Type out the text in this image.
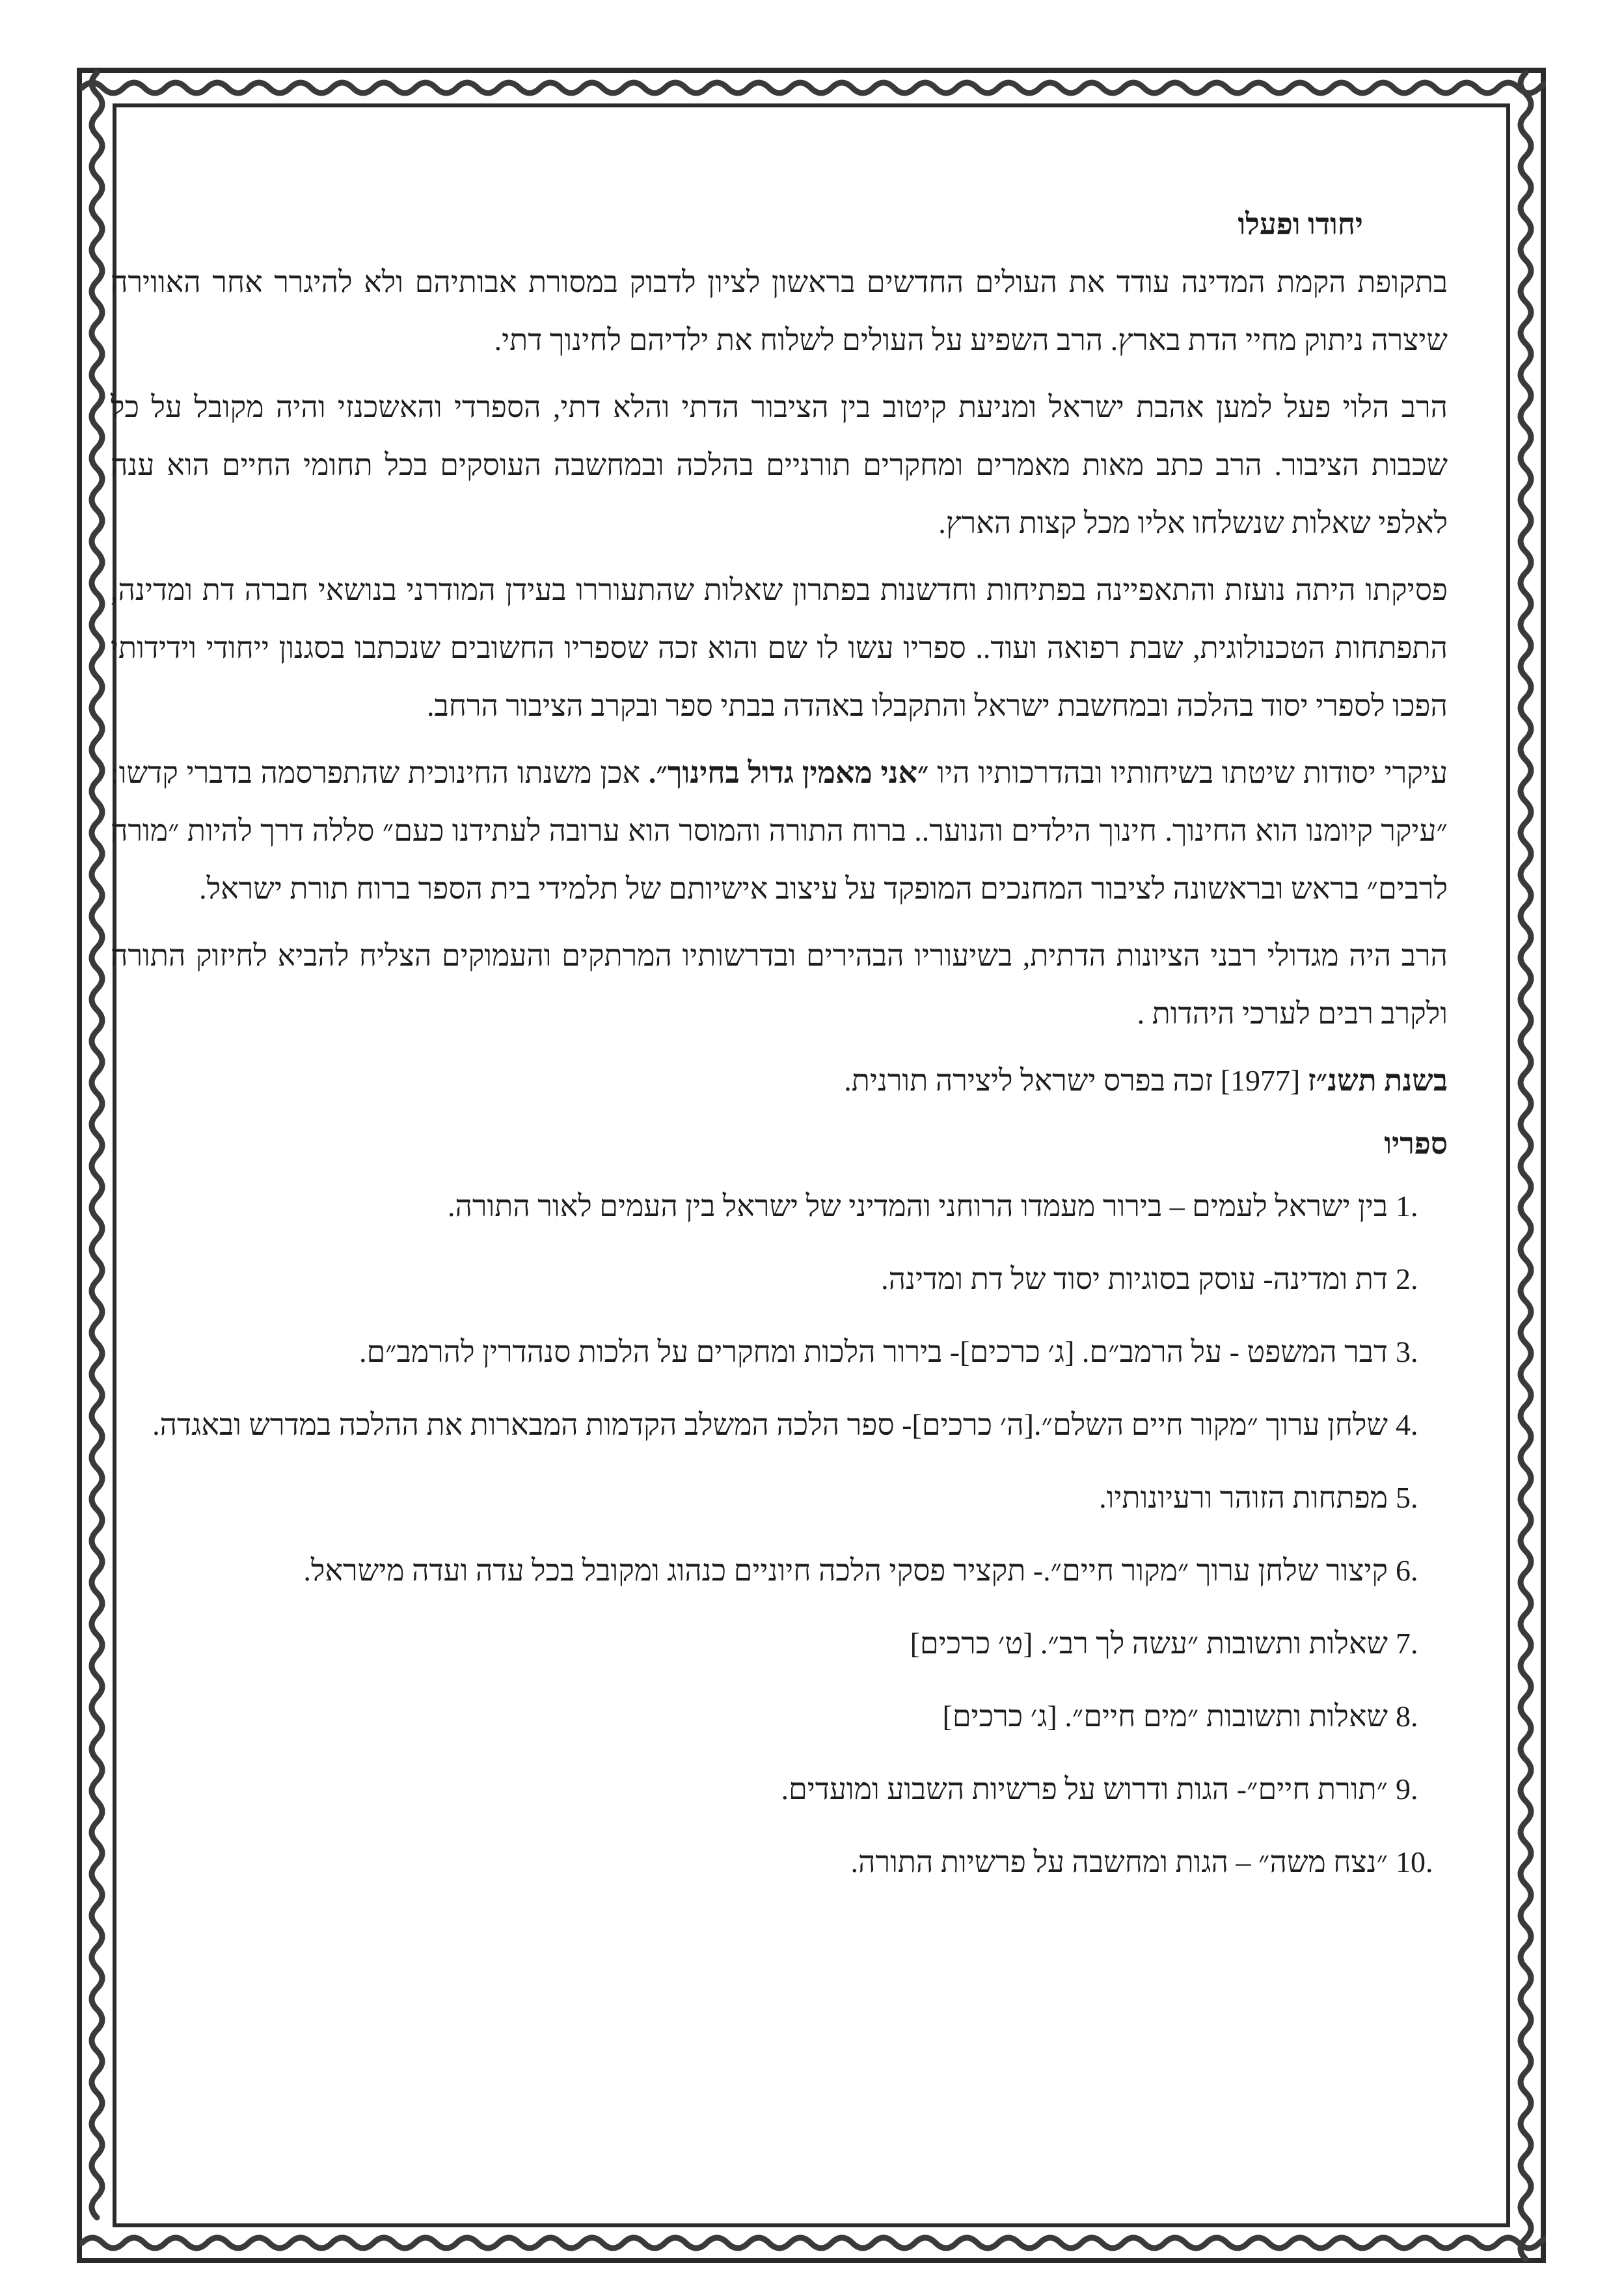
יחודו ופעלו

בתקופת הקמת המדינה עודד את העולים החדשים בראשון לציון לדבוק במסורת אבותיהם ולא להיגרר אחר האווירה שיצרה ניתוק מחיי הדת בארץ. הרב השפיע על העולים לשלוח את ילדיהם לחינוך דתי.

הרב הלוי פעל למען אהבת ישראל ומניעת קיטוב בין הציבור הדתי והלא דתי, הספרדי והאשכנזי והיה מקובל על כל שכבות הציבור. הרב כתב מאות מאמרים ומחקרים תורניים בהלכה ובמחשבה העוסקים בכל תחומי החיים הוא ענה לאלפי שאלות שנשלחו אליו מכל קצות הארץ.

פסיקתו היתה נועזת והתאפיינה בפתיחות וחדשנות בפתרון שאלות שהתעוררו בעידן המודרני בנושאי חברה דת ומדינה, התפתחות הטכנולוגית, שבת רפואה ועוד.. ספריו עשו לו שם והוא זכה שספריו החשובים שנכתבו בסגנון ייחודי וידידותי הפכו לספרי יסוד בהלכה ובמחשבת ישראל והתקבלו באהדה בבתי ספר ובקרב הציבור הרחב.

עיקרי יסודות שיטתו בשיחותיו ובהדרכותיו היו ״אני מאמין גדול בחינוך״. אכן משנתו החינוכית שהתפרסמה בדברי קדשו: ״עיקר קיומנו הוא החינוך. חינוך הילדים והנוער.. ברוח התורה והמוסר הוא ערובה לעתידנו כעם״ סללה דרך להיות ״מורה לרבים״ בראש ובראשונה לציבור המחנכים המופקד על עיצוב אישיותם של תלמידי בית הספר ברוח תורת ישראל.

הרב היה מגדולי רבני הציונות הדתית, בשיעוריו הבהירים ובדרשותיו המרתקים והעמוקים הצליח להביא לחיזוק התורה ולקרב רבים לערכי היהדות .

בשנת תשנ״ז [1977] זכה בפרס ישראל ליצירה תורנית.

ספריו
1.
בין ישראל לעמים – בירור מעמדו הרוחני והמדיני של ישראל בין העמים לאור התורה.
2.
דת ומדינה- עוסק בסוגיות יסוד של דת ומדינה.
3.
דבר המשפט - על הרמב״ם. [ג׳ כרכים]- בירור הלכות ומחקרים על הלכות סנהדרין להרמב״ם.
4.
שלחן ערוך ״מקור חיים השלם״.[ה׳ כרכים]- ספר הלכה המשלב הקדמות המבארות את ההלכה במדרש ובאגדה.
5.
מפתחות הזוהר ורעיונותיו.
6.
קיצור שלחן ערוך ״מקור חיים״.- תקציר פסקי הלכה חיוניים כנהוג ומקובל בכל עדה ועדה מישראל.
7.
שאלות ותשובות ״עשה לך רב״. [ט׳ כרכים]
8.
שאלות ותשובות ״מים חיים״. [ג׳ כרכים]
9.
״תורת חיים״- הגות ודרוש על פרשיות השבוע ומועדים.
10.
״נצח משה״ – הגות ומחשבה על פרשיות התורה.
